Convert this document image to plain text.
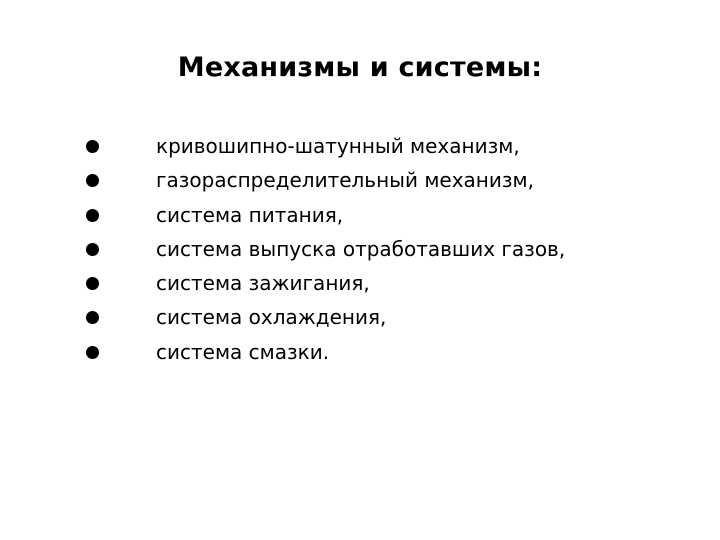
Механизмы и системы:
кривошипно-шатунный механизм,
газораспределительный механизм,
система питания,
система выпуска отработавших газов,
система зажигания,
система охлаждения,
система смазки.
